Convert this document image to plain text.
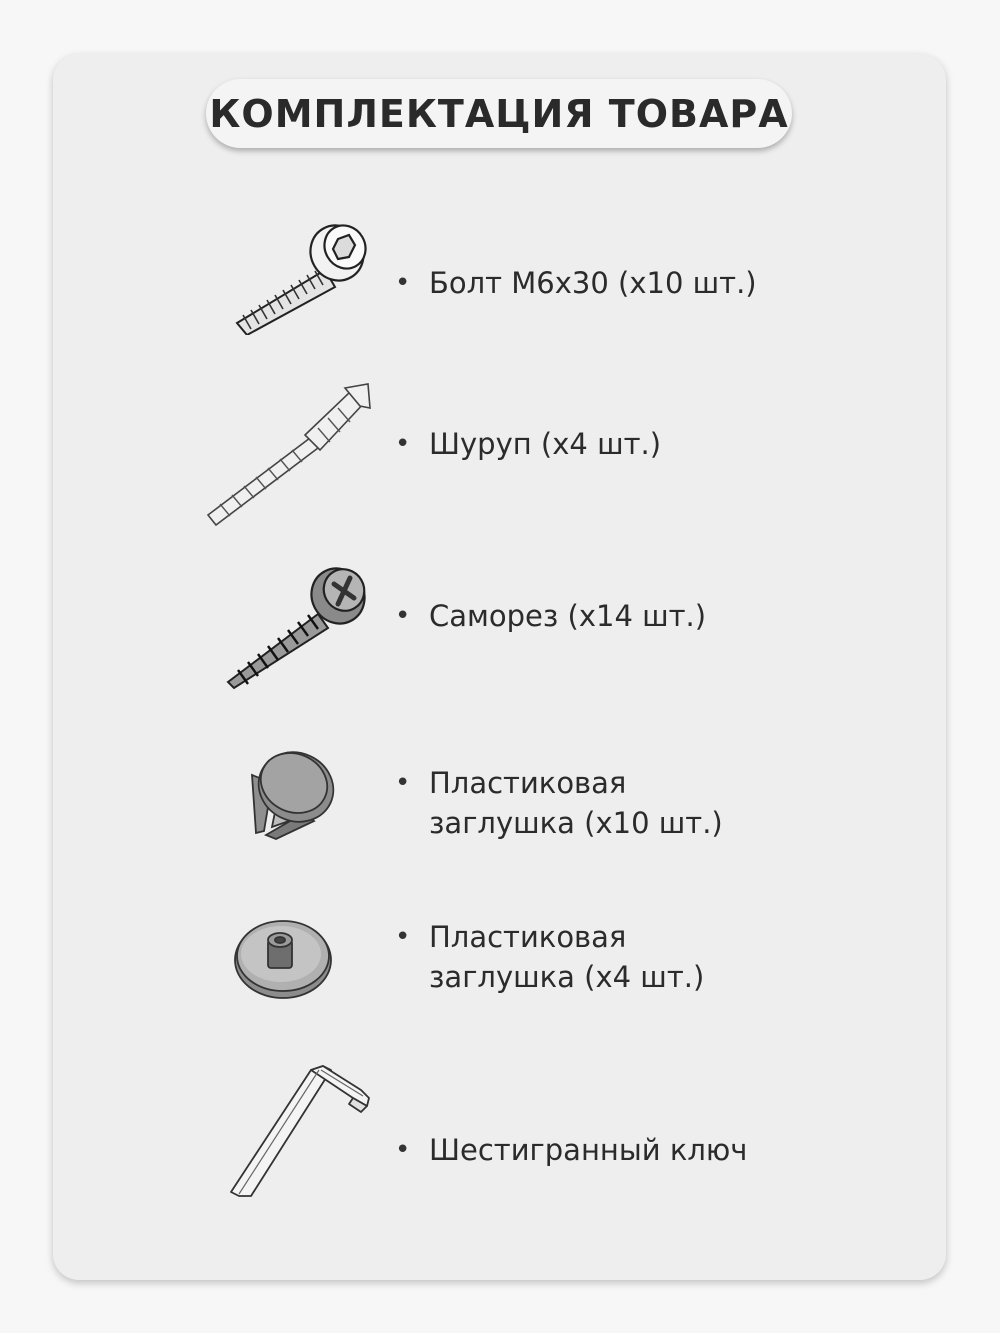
КОМПЛЕКТАЦИЯ ТОВАРА
• Болт М6х30 (х10 шт.)
• Шуруп (х4 шт.)
• Саморез (х14 шт.)
• Пластиковая
заглушка (х10 шт.)
• Пластиковая
заглушка (х4 шт.)
• Шестигранный ключ
